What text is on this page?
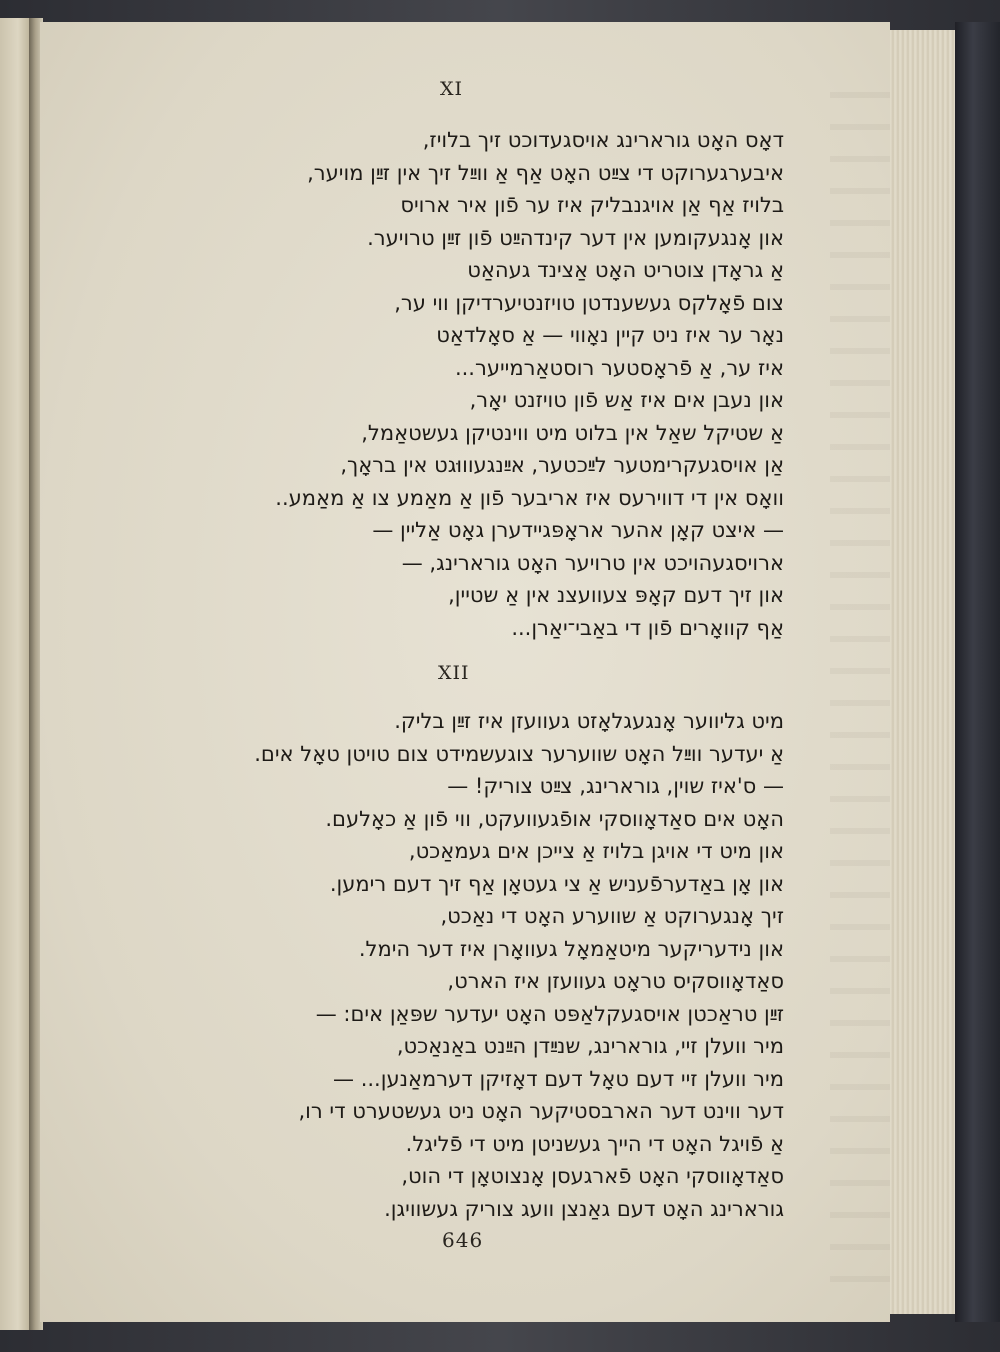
XI

דאָס האָט גורארינג אויסגעדוכט זיך בלויז,
איבערגערוקט די צײַט האָט אַף אַ ווײַל זיך אין זײַן מויער,
בלויז אַף אַן אויגנבליק איז ער פֿון איר ארויס
און אָנגעקומען אין דער קינדהײַט פֿון זײַן טרויער.
אַ גראָדן צוטריט האָט אַצינד געהאַט
צום פֿאָלקס געשענדטן טויזנטיערדיקן ווי ער,
נאָר ער איז ניט קיין נאָווי — אַ סאָלדאַט
איז ער, אַ פֿראָסטער רוסטאַרמייער...
און נעבן אים איז אַש פֿון טויזנט יאָר,
אַ שטיקל שאַל אין בלוט מיט ווינטיקן געשטאַמל,
אַן אויסגעקרימטער לײַכטער, אײַנגעוווּגט אין בראָך,
וואָס אין די דווירעס איז אריבער פֿון אַ מאַמע צו אַ מאַמע..
— איצט קאָן אהער אראָפּגיידערן גאָט אַליין —
ארויסגעהויכט אין טרויער האָט גורארינג, —
און זיך דעם קאָפּ צעוועצנ אין אַ שטיין,
אַף קוואָרים פֿון די באַבי־יאַרן...

XII

מיט גליווער אָנגעגלאָזט געוועזן איז זײַן בליק.
אַ יעדער ווײַל האָט שווערער צוגעשמידט צום טויטן טאָל אים.
— ס'איז שוין, גורארינג, צײַט צוריק! —
האָט אים סאַדאָווסקי אופֿגעוועקט, ווי פֿון אַ כאָלעם.
און מיט די אויגן בלויז אַ צייכן אים געמאַכט,
און אָן באַדערפֿעניש אַ צי געטאָן אַף זיך דעם רימען.
זיך אָנגערוקט אַ שווערע האָט די נאַכט,
און נידעריקער מיטאַמאָל געוואָרן איז דער הימל.
סאַדאָווסקיס טראָט געוועזן איז הארט,
זײַן טראַכטן אויסגעקלאַפּט האָט יעדער שפּאַן אים: —
מיר וועלן זיי, גורארינג, שנײַדן הײַנט באַנאַכט,
מיר וועלן זיי דעם טאָל דעם דאָזיקן דערמאַנען... —
דער ווינט דער הארבסטיקער האָט ניט געשטערט די רו,
אַ פֿויגל האָט די הייך געשניטן מיט די פֿליגל.
סאַדאָווסקי האָט פֿארגעסן אָנצוטאָן די הוט,
גורארינג האָט דעם גאַנצן וועג צוריק געשוויגן.

646
